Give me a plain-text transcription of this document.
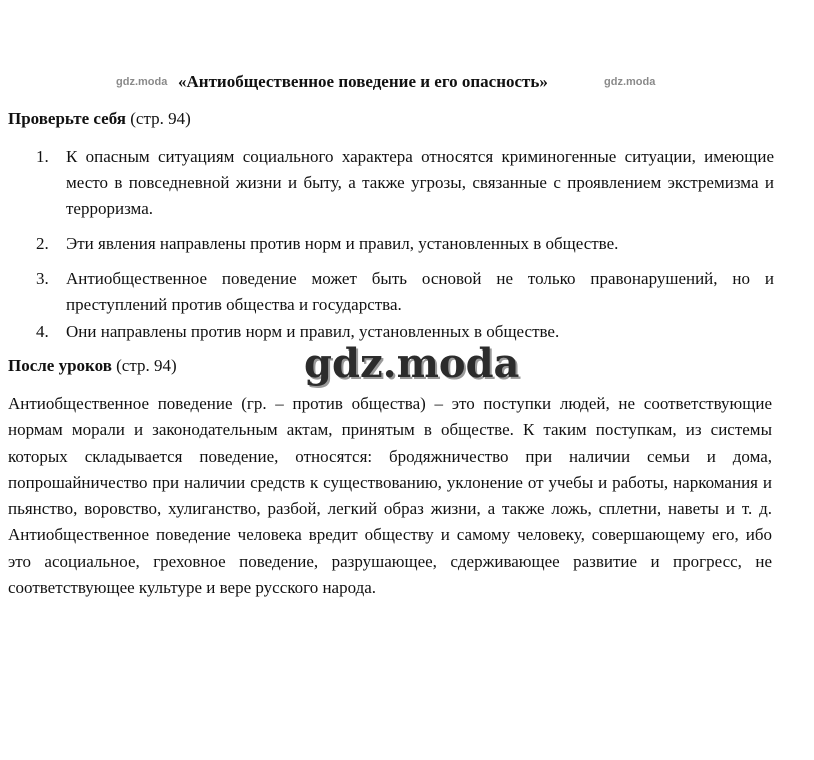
gdz.moda «Антиобщественное поведение и его опасность»	gdz.moda
Проверьте себя (стр. 94)
1.	К опасным ситуациям социального характера относятся криминогенные ситуации, имеющие место в повседневной жизни и быту, а также угрозы, связанные с проявлением экстремизма и терроризма.
2.	Эти явления направлены против норм и правил, установленных в обществе.
3.	Антиобщественное поведение может быть основой не только правонарушений, но и преступлений против общества и государства.
4.	Они направлены против норм и правил, установленных в обществе.
После уроков (стр. 94)	gdz.moda

Антиобщественное поведение (гр. – против общества) – это поступки людей, не соответствующие нормам морали и законодательным актам, принятым в обществе. К таким поступкам, из системы которых складывается поведение, относятся: бродяжничество при наличии семьи и дома, попрошайничество при наличии средств к существованию, уклонение от учебы и работы, наркомания и пьянство, воровство, хулиганство, разбой, легкий образ жизни, а также ложь, сплетни, наветы и т. д. Антиобщественное поведение человека вредит обществу и самому человеку, совершающему его, ибо это асоциальное, греховное поведение, разрушающее, сдерживающее развитие и прогресс, не соответствующее культуре и вере русского народа.
